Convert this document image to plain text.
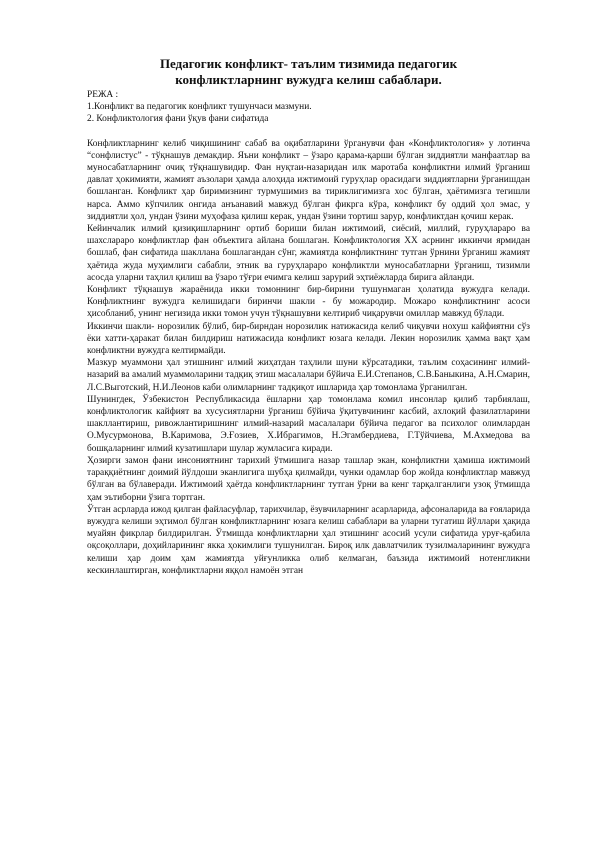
Педагогик конфликт- таълим тизимида педагогик
конфликтларнинг вужудга келиш сабаблари.
РЕЖА :
1.Конфликт ва педагогик конфликт тушунчаси мазмуни.
2. Конфликтология фани ўқув фани сифатида

Конфликтларнинг келиб чиқишининг сабаб ва оқибатларини ўрганувчи фан «Конфликтология» у лотинча “сонфлистус” - тўқнашув демакдир. Яъни конфликт – ўзаро қарама-қарши бўлган зиддиятли манфаатлар ва муносабатларнинг очиқ тўқнашувидир. Фан нуқтаи-назаридан илк маротаба конфликтни илмий ўрганиш давлат ҳокимияти, жамият аъзолари ҳамда алоҳида ижтимоий гуруҳлар орасидаги зиддиятларни ўрганишдан бошланган. Конфликт ҳар биримизнинг турмушимиз ва тириклигимизга хос бўлган, ҳаётимизга тегишли нарса. Аммо кўпчилик онгида анъанавий мавжуд бўлган фикрга кўра, конфликт бу оддий ҳол эмас, у зиддиятли ҳол, ундан ўзини муҳофаза қилиш керак, ундан ўзини тортиш зарур, конфликтдан қочиш керак.

Кейинчалик илмий қизиқишларнинг ортиб бориши билан ижтимоий, сиёсий, миллий, гуруҳлараро ва шахслараро конфликтлар фан объектига айлана бошлаган. Конфликтология XX асрнинг иккинчи ярмидан бошлаб, фан сифатида шакллана бошлагандан сўнг, жамиятда конфликтнинг тутган ўрнини ўрганиш жамият ҳаётида жуда муҳимлиги сабабли, этник ва гуруҳлараро конфликтли муносабатларни ўрганиш, тизимли асосда уларни таҳлил қилиш ва ўзаро тўғри ечимга келиш зарурий эҳтиёжларда бирига айланди.

Конфликт тўқнашув жараёнида икки томоннинг бир-бирини тушунмаган ҳолатида вужудга келади. Конфликтнинг вужудга келишидаги биринчи шакли - бу можародир. Можаро конфликтнинг асоси ҳисобланиб, унинг негизида икки томон учун тўқнашувни келтириб чиқарувчи омиллар мавжуд бўлади.

Иккинчи шакли- норозилик бўлиб, бир-бирндан норозилик натижасида келиб чиқувчи нохуш кайфиятни сўз ёки хатти-ҳаракат билан билдириш натижасида конфликт юзага келади. Лекин норозилик ҳамма вақт ҳам конфликтни вужудга келтирмайди.

Мазкур муаммони ҳал этишнинг илмий жиҳатдан таҳлили шуни кўрсатадики, таълим соҳасининг илмий-назарий ва амалий муаммоларини тадқиқ этиш масалалари бўйича Е.И.Степанов, С.В.Баныкина, А.Н.Смарин, Л.С.Выготский, Н.И.Леонов каби олимларнинг тадқиқот ишларида ҳар томонлама ўрганилган.

Шунингдек, Ўзбекистон Республикасида ёшларни ҳар томонлама комил инсонлар қилиб тарбиялаш, конфликтологик кайфият ва хусусиятларни ўрганиш бўйича ўқитувчининг касбий, ахлоқий фазилатларини шакллантириш, ривожлантиришнинг илмий-назарий масалалари бўйича педагог ва психолог олимлардан О.Мусурмонова, В.Каримова, Э.Ғозиев, Х.Ибрагимов, Н.Эгамбердиева, Г.Тўйчиева, М.Ахмедова ва бошқаларнинг илмий кузатишлари шулар жумласига киради.

Ҳозирги замон фани инсониятнинг тарихий ўтмишига назар ташлар экан, конфликтни ҳамиша ижтимоий тараққиётнинг доимий йўлдоши эканлигига шубҳа қилмайди, чунки одамлар бор жойда конфликтлар мавжуд бўлган ва бўлаверади. Ижтимоий ҳаётда конфликтларнинг тутган ўрни ва кенг тарқалганлиги узоқ ўтмишда ҳам эътиборни ўзига тортган.

Ўтган асрларда ижод қилган файласуфлар, тарихчилар, ёзувчиларнинг асарларида, афсоналарида ва ғояларида вужудга келиши эҳтимол бўлган конфликтларнинг юзага келиш сабаблари ва уларни тугатиш йўллари ҳақида муайян фикрлар билдирилган. Ўтмишда конфликтларни ҳал этишнинг асосий усули сифатида уруғ-қабила оқсоқоллари, доҳийларининг якка ҳокимлиги тушунилган. Бироқ илк давлатчилик тузилмаларининг вужудга келиши ҳар доим ҳам жамиятда уйғунликка олиб келмаган, баъзида ижтимоий нотенгликни кескинлаштирган, конфликтларни яққол намоён этган
